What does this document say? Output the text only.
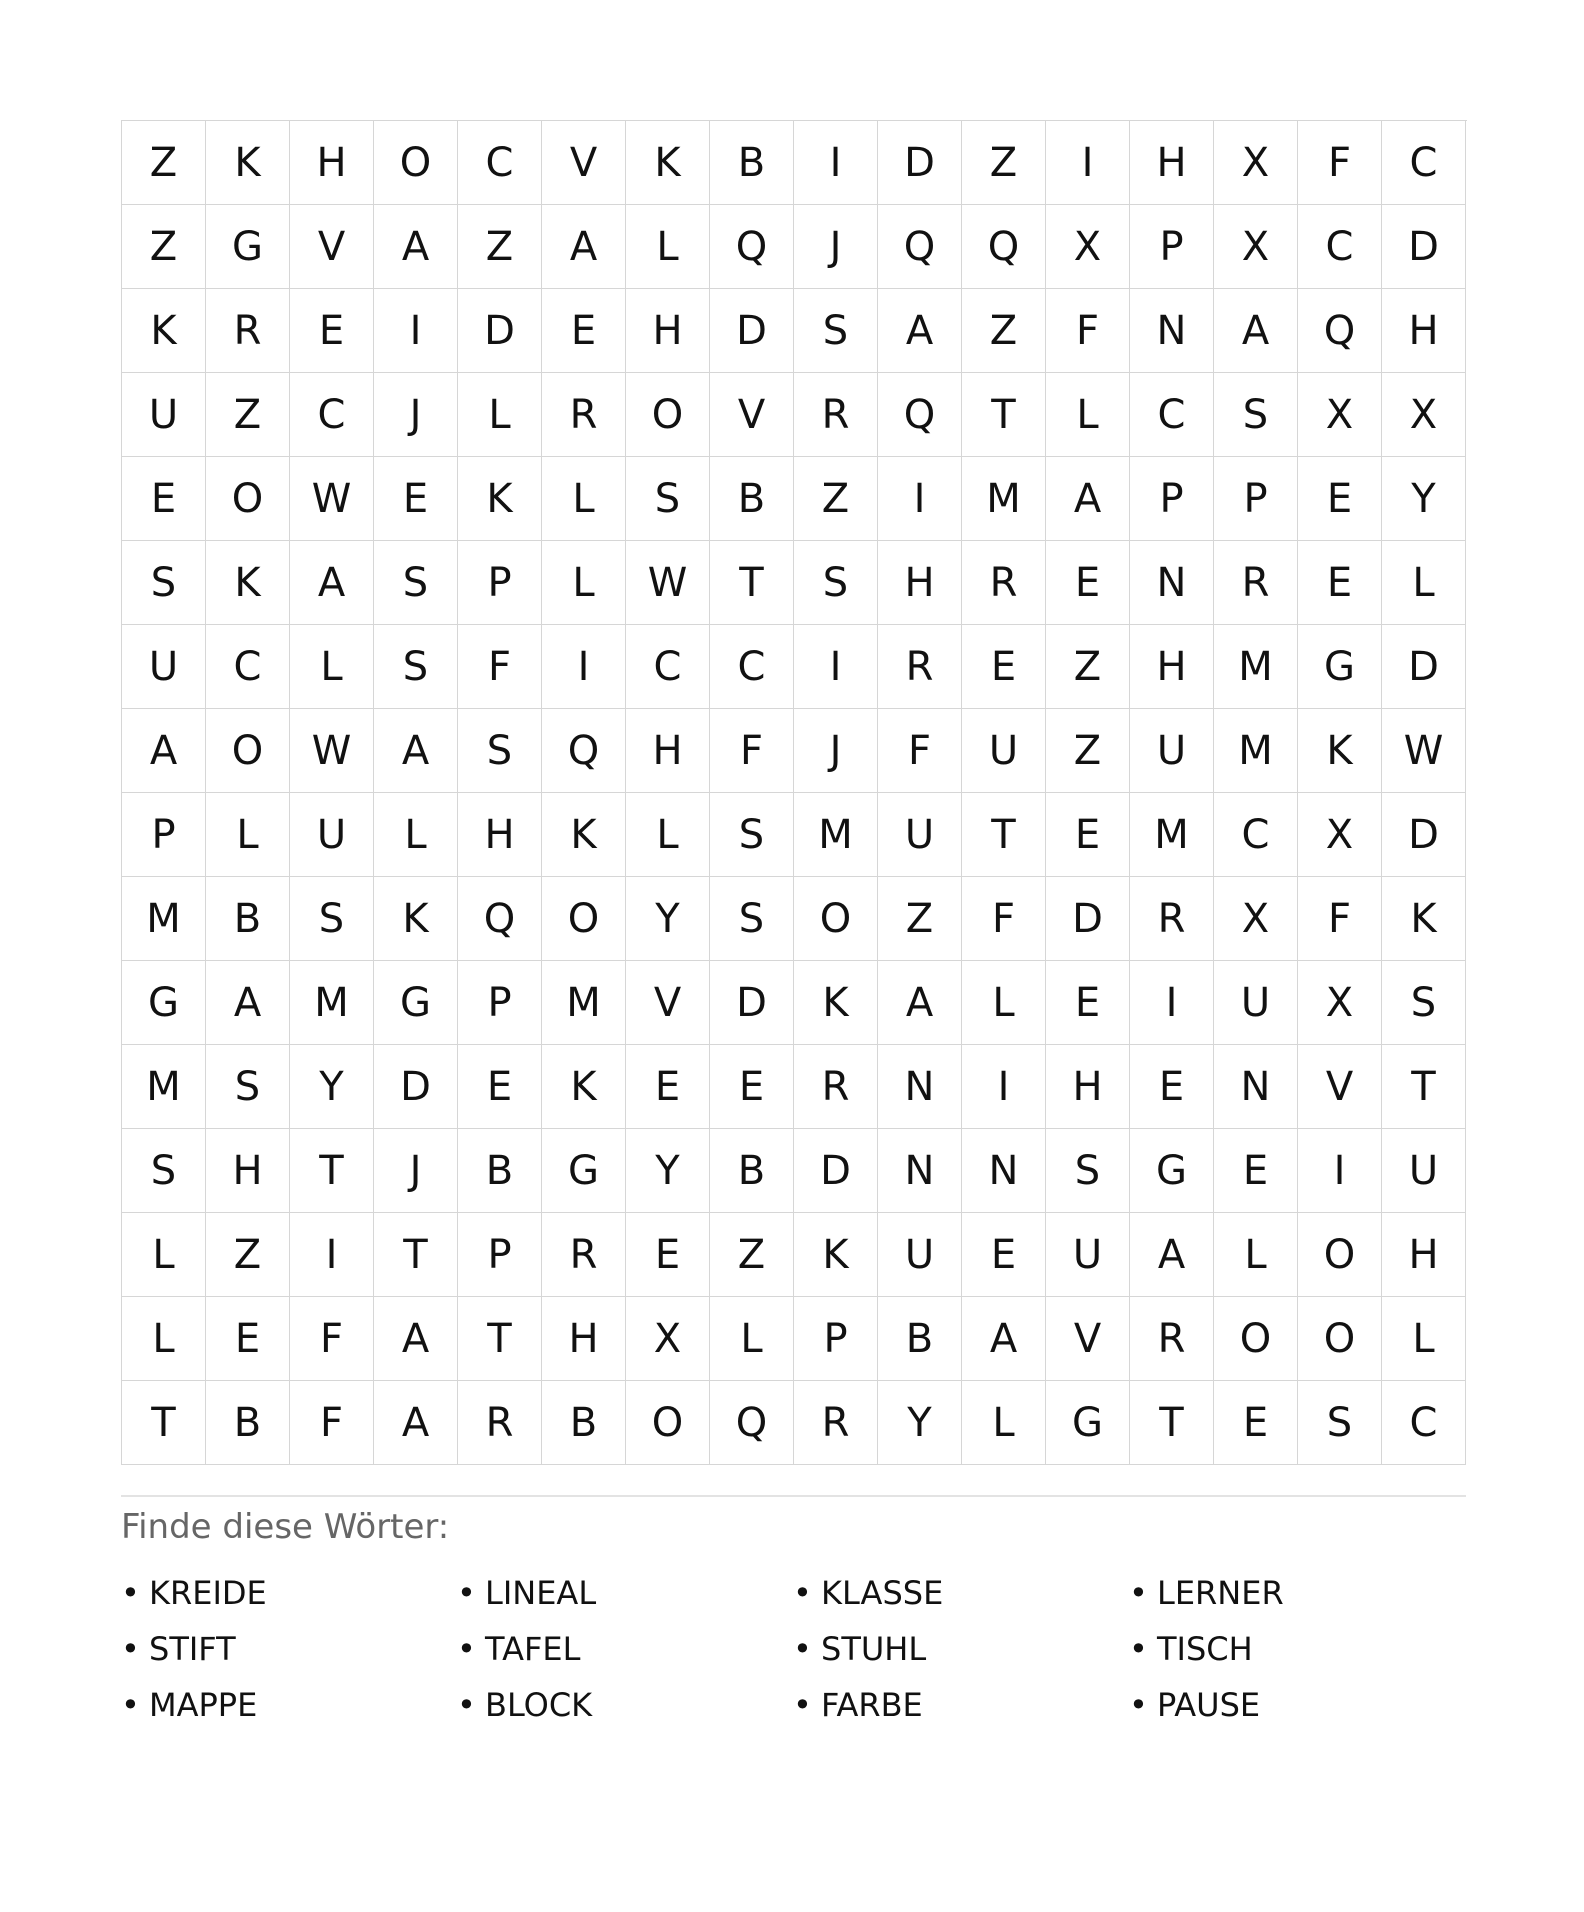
Z	K	H	O	C	V	K	B	I	D	Z	I	H	X	F	C
Z	G	V	A	Z	A	L	Q	J	Q	Q	X	P	X	C	D
K	R	E	I	D	E	H	D	S	A	Z	F	N	A	Q	H
U	Z	C	J	L	R	O	V	R	Q	T	L	C	S	X	X
E	O	W	E	K	L	S	B	Z	I	M	A	P	P	E	Y
S	K	A	S	P	L	W	T	S	H	R	E	N	R	E	L
U	C	L	S	F	I	C	C	I	R	E	Z	H	M	G	D
A	O	W	A	S	Q	H	F	J	F	U	Z	U	M	K	W
P	L	U	L	H	K	L	S	M	U	T	E	M	C	X	D
M	B	S	K	Q	O	Y	S	O	Z	F	D	R	X	F	K
G	A	M	G	P	M	V	D	K	A	L	E	I	U	X	S
M	S	Y	D	E	K	E	E	R	N	I	H	E	N	V	T
S	H	T	J	B	G	Y	B	D	N	N	S	G	E	I	U
L	Z	I	T	P	R	E	Z	K	U	E	U	A	L	O	H
L	E	F	A	T	H	X	L	P	B	A	V	R	O	O	L
T	B	F	A	R	B	O	Q	R	Y	L	G	T	E	S	C
Finde diese Wörter:
• KREIDE	• LINEAL	• KLASSE	• LERNER
• STIFT	• TAFEL	• STUHL	• TISCH
• MAPPE	• BLOCK	• FARBE	• PAUSE
